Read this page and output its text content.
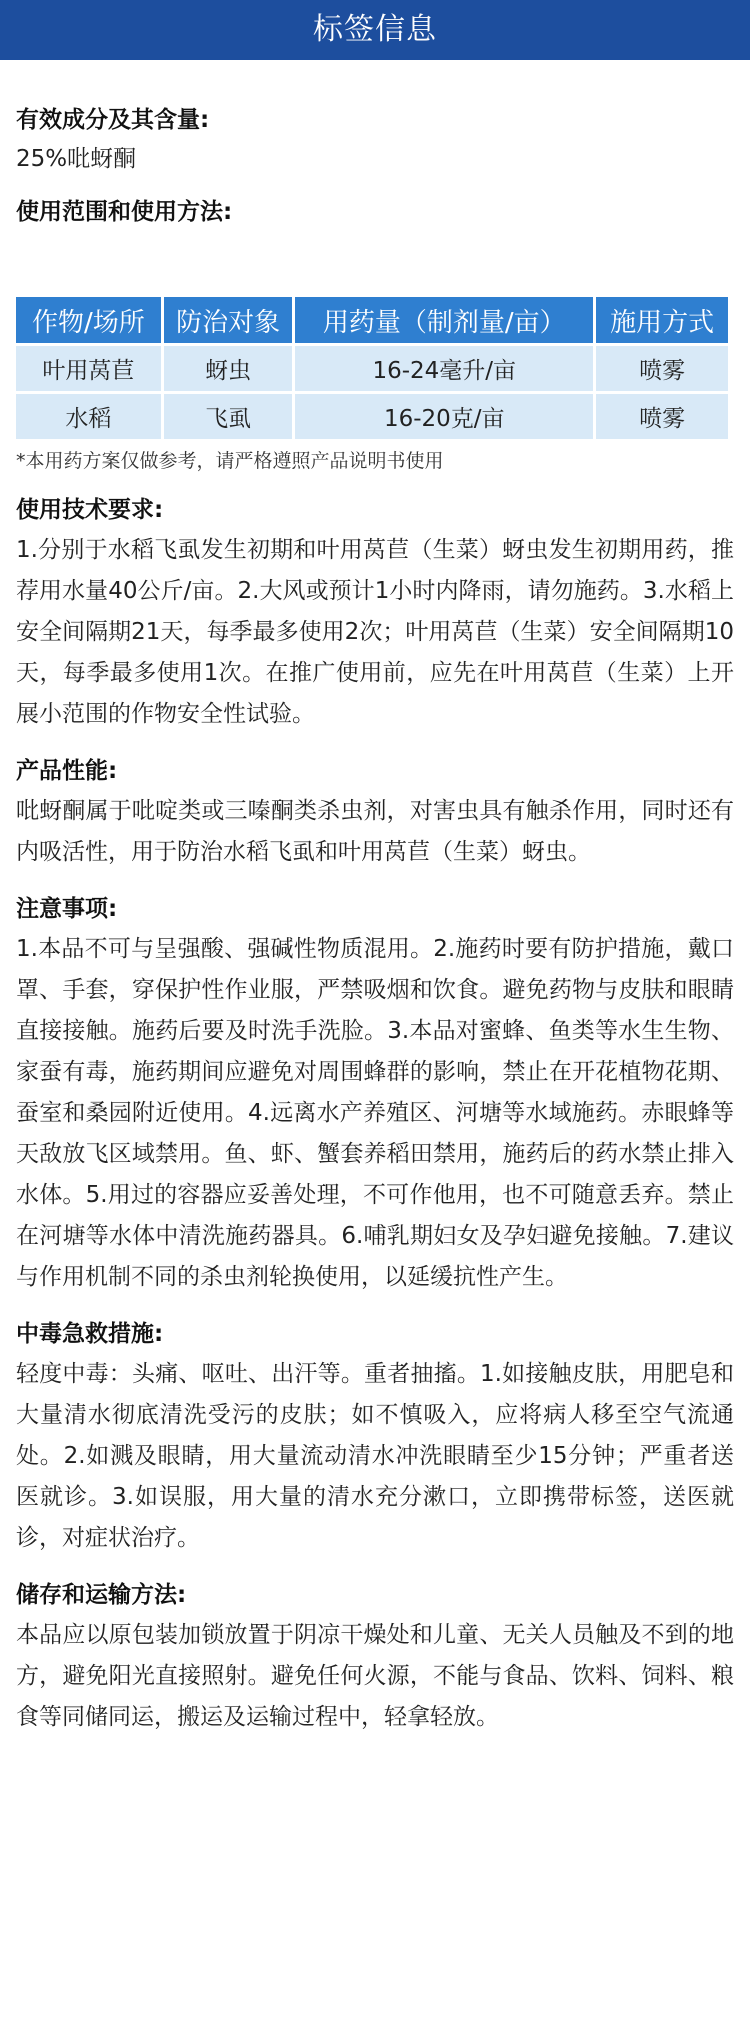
标签信息
有效成分及其含量:
25%吡蚜酮
使用范围和使用方法:
作物/场所	防治对象	用药量（制剂量/亩）	施用方式
叶用莴苣	蚜虫	16-24毫升/亩	喷雾
水稻	飞虱	16-20克/亩	喷雾
*本用药方案仅做参考，请严格遵照产品说明书使用
使用技术要求:
1.分别于水稻飞虱发生初期和叶用莴苣（生菜）蚜虫发生初期用药，推荐用水量40公斤/亩。2.大风或预计1小时内降雨，请勿施药。3.水稻上安全间隔期21天，每季最多使用2次；叶用莴苣（生菜）安全间隔期10天，每季最多使用1次。在推广使用前，应先在叶用莴苣（生菜）上开展小范围的作物安全性试验。
产品性能:
吡蚜酮属于吡啶类或三嗪酮类杀虫剂，对害虫具有触杀作用，同时还有内吸活性，用于防治水稻飞虱和叶用莴苣（生菜）蚜虫。
注意事项:
1.本品不可与呈强酸、强碱性物质混用。2.施药时要有防护措施，戴口罩、手套，穿保护性作业服，严禁吸烟和饮食。避免药物与皮肤和眼睛直接接触。施药后要及时洗手洗脸。3.本品对蜜蜂、鱼类等水生生物、家蚕有毒，施药期间应避免对周围蜂群的影响，禁止在开花植物花期、蚕室和桑园附近使用。4.远离水产养殖区、河塘等水域施药。赤眼蜂等天敌放飞区域禁用。鱼、虾、蟹套养稻田禁用，施药后的药水禁止排入水体。5.用过的容器应妥善处理，不可作他用，也不可随意丢弃。禁止在河塘等水体中清洗施药器具。6.哺乳期妇女及孕妇避免接触。7.建议与作用机制不同的杀虫剂轮换使用，以延缓抗性产生。
中毒急救措施:
轻度中毒：头痛、呕吐、出汗等。重者抽搐。1.如接触皮肤，用肥皂和大量清水彻底清洗受污的皮肤；如不慎吸入，应将病人移至空气流通处。2.如溅及眼睛，用大量流动清水冲洗眼睛至少15分钟；严重者送医就诊。3.如误服，用大量的清水充分漱口，立即携带标签，送医就诊，对症状治疗。
储存和运输方法:
本品应以原包装加锁放置于阴凉干燥处和儿童、无关人员触及不到的地方，避免阳光直接照射。避免任何火源，不能与食品、饮料、饲料、粮食等同储同运，搬运及运输过程中，轻拿轻放。
